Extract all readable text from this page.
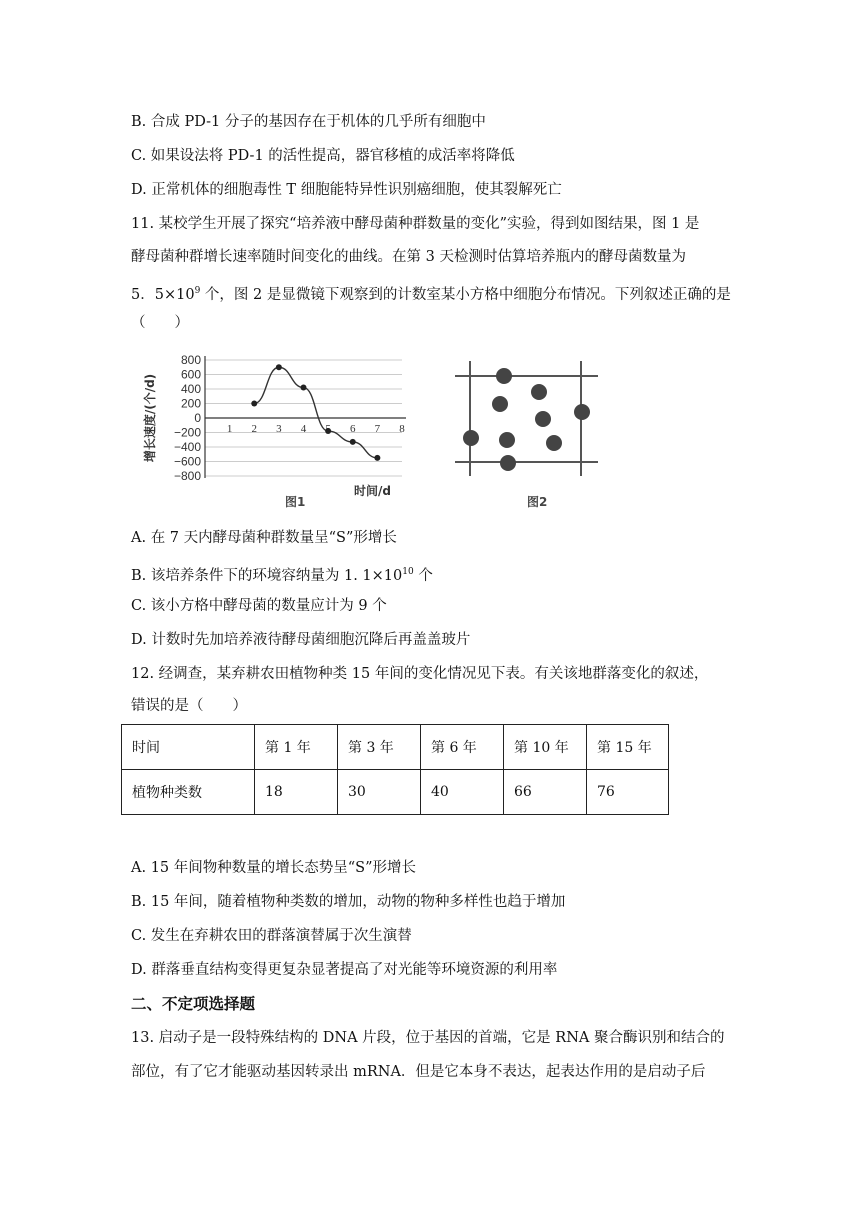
B. 合成 PD-1 分子的基因存在于机体的几乎所有细胞中
C. 如果设法将 PD-1 的活性提高，器官移植的成活率将降低
D. 正常机体的细胞毒性 T 细胞能特异性识别癌细胞，使其裂解死亡
11. 某校学生开展了探究“培养液中酵母菌种群数量的变化”实验，得到如图结果，图 1 是
酵母菌种群增长速率随时间变化的曲线。在第 3 天检测时估算培养瓶内的酵母菌数量为
5．$5\times 10^9$ 个，图 2 是显微镜下观察到的计数室某小方格中细胞分布情况。下列叙述正确的是
（　　）
800
600
400
200
0
−200
−400
−600
−800
1 2 3 4	6 7 8
增长速度/(个/d)
时间/d
图1	图2
A. 在 7 天内酵母菌种群数量呈“S”形增长
B. 该培养条件下的环境容纳量为 1. $1\times 10^{10}$ 个
C. 该小方格中酵母菌的数量应计为 9 个
D. 计数时先加培养液待酵母菌细胞沉降后再盖盖玻片
12. 经调查，某弃耕农田植物种类 15 年间的变化情况见下表。有关该地群落变化的叙述，
错误的是（　　）
时间	第 1 年	第 3 年	第 6 年	第 10 年	第 15 年
植物种类数	18	30	40	66	76
A. 15 年间物种数量的增长态势呈“S”形增长
B. 15 年间，随着植物种类数的增加，动物的物种多样性也趋于增加
C. 发生在弃耕农田的群落演替属于次生演替
D. 群落垂直结构变得更复杂显著提高了对光能等环境资源的利用率
二、不定项选择题
13. 启动子是一段特殊结构的 DNA 片段，位于基因的首端，它是 RNA 聚合酶识别和结合的
部位，有了它才能驱动基因转录出 mRNA．但是它本身不表达，起表达作用的是启动子后
